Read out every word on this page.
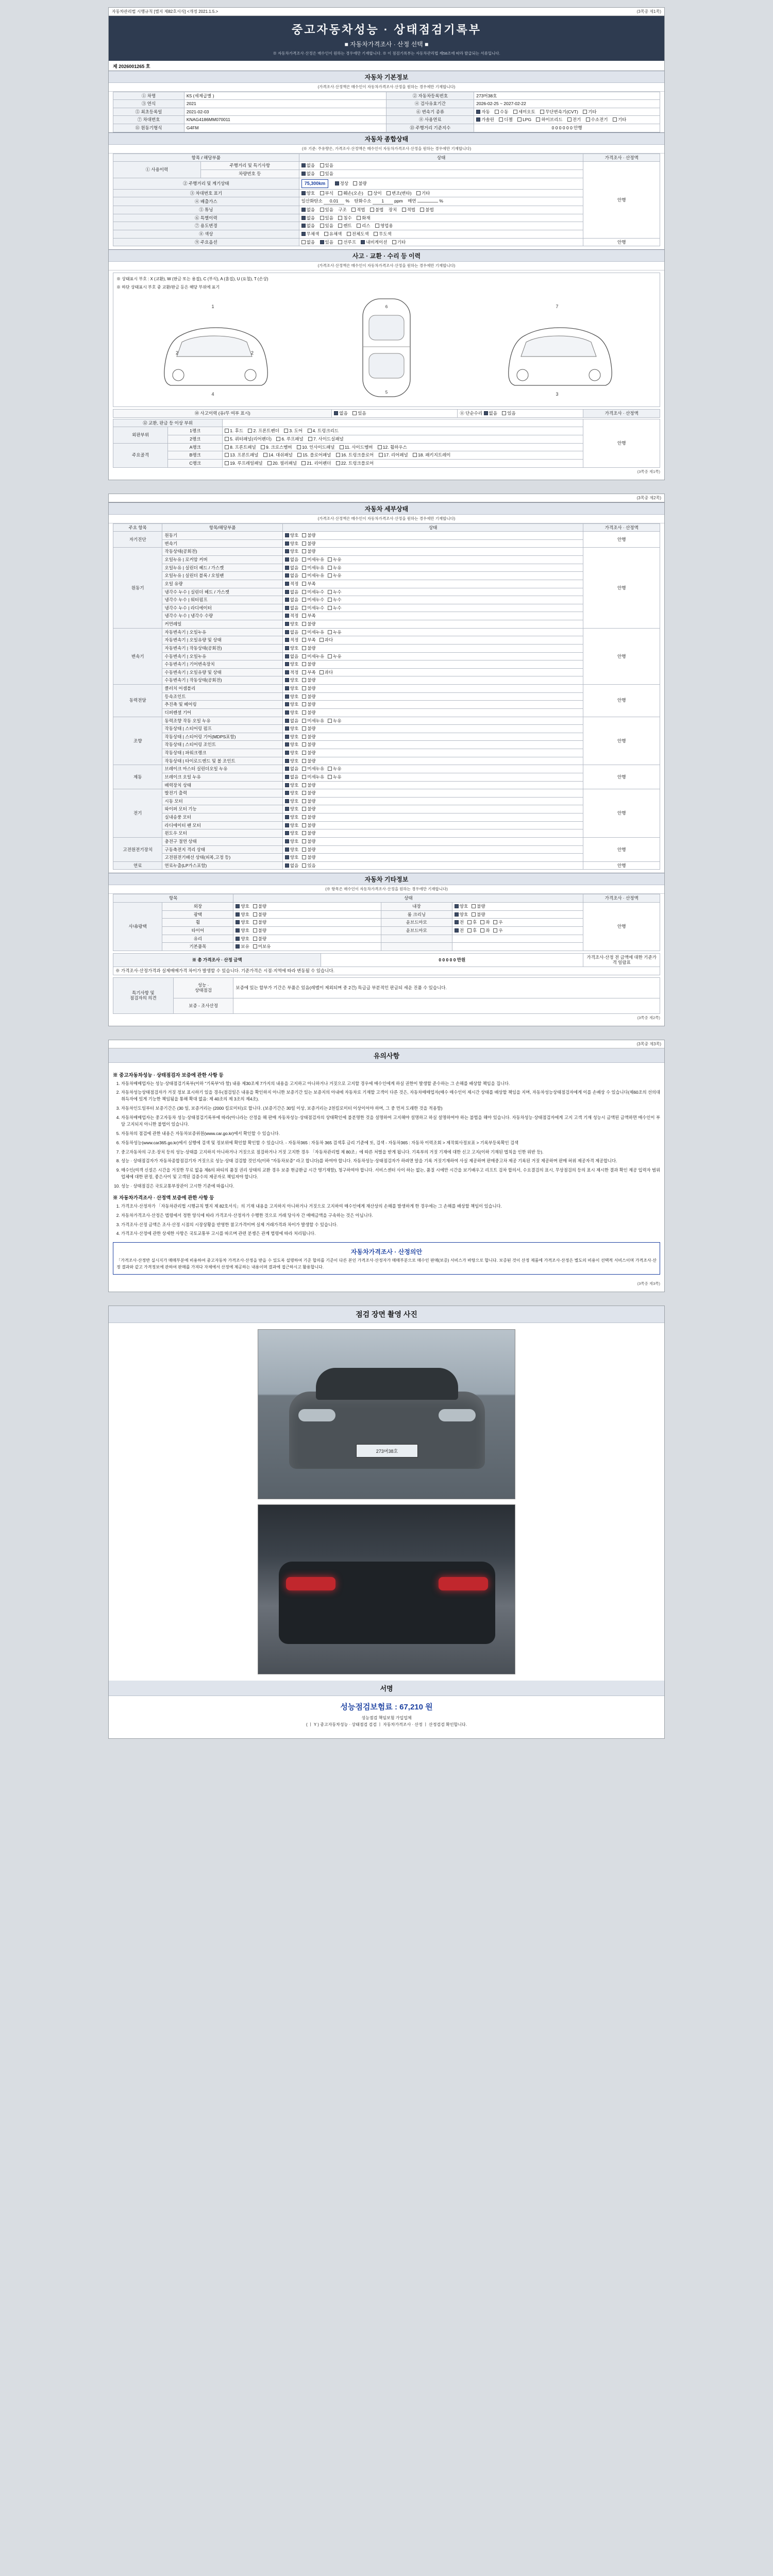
자동차관리법 시행규칙 [별지 제82호서식] <개정 2021.1.5.>	(3쪽중 제1쪽)
중고자동차성능 · 상태점검기록부
■ 자동차가격조사 · 산정 선택 ■
※ 자동차가격조사·산정은 매수인이 원하는 경우에만 기재합니다. ※ 이 점검기록부는 자동차관리법 제58조에 따라 발급되는 서류입니다.
제 2026001265 호
자동차 기본정보
(가격조사·산정액은 매수인이 자동차가격조사·산정을 원하는 경우에만 기재합니다)
① 차명	K5 (세제급별 )	② 자동차등록번호	273머38호
③ 연식	2021	④ 검사유효기간	2026-02-25 ~ 2027-02-22
⑤ 최초등록일	2021-02-03	⑥ 변속기 종류	자동 수동 세미오토 무단변속기(CVT) 기타
⑦ 차대번호	KNAG4186MM070011	⑧ 사용연료	가솔린 디젤 LPG 하이브리드 전기 수소전기 기타
⑪ 원동기형식	G4FM	⑬ 주행거리 기준지수	0 0 0 0 0 0 안행
자동차 종합상태
(※ 기준: 주유량은, 가격조사·산정액은 매수인이 자동차가격조사·산정을 원하는 경우에만 기재합니다)
항목 / 해당부품		상태	가격조사 · 산정액
① 사용이력	주행거리 및 특기사항	없음 있음	안행
	차량번호 등	없음 있음	
② 주행거리 및 계기상태		75,300km 정상 불량	
③ 차대번호 표기		양호 부식 훼손(오손) 상이 변조(변타) 기타	
④ 배출가스		일산화탄소 0.01 % 탄화수소 1 ppm 매연 %	
⑤ 튜닝		없음 있음 구조 적법 불법 장치 적법 불법	
⑥ 특별이력		없음 있음 침수 화재	
⑦ 용도변경		없음 있음 렌트 리스 영업용	
⑧ 색상		무채색 유채색 전체도색 무도색	
⑨ 주요옵션		없음 있음 선루프 내비게이션 기타	안행
사고 · 교환 · 수리 등 이력
(가격조사·산정액은 매수인이 자동차가격조사·산정을 원하는 경우에만 기재합니다)
※ 상태표시 부호 : X (교환), W (판금 또는 용접), C (부식), A (흠집), U (요철), T (손상)
※ 하단 상태표시 부호 중 교환/판금 등은 해당 부위에 표기
1
2	2
4
6
5
7
3
⑩ 사고이력 (유/무 여부 표시)	없음 있음	⑪ 단순수리 없음 있음	가격조사 · 산정액
⑫ 교환, 판금 등 이상 부위			안행
외판부위	1랭크	1. 후드 2. 프론트펜더 3. 도어 4. 트렁크리드	
	2랭크	5. 쿼터패널(리어펜더) 6. 루프패널 7. 사이드실패널	
주요골격	A랭크	8. 프론트패널 9. 크로스멤버 10. 인사이드패널 11. 사이드멤버 12. 휠하우스	
	B랭크	13. 프론트패널 14. 대쉬패널 15. 플로어패널 16. 트렁크플로어 17. 리어패널 18. 패키지트레이	
	C랭크	19. 루프레일패널 20. 필러패널 21. 리어펜더 22. 트렁크플로어	
(3쪽중 제1쪽)
(3쪽중 제2쪽)
자동차 세부상태
(가격조사·산정액은 매수인이 자동차가격조사·산정을 원하는 경우에만 기재합니다)
주요 항목	항목/해당부품	상태	가격조사 · 산정액
자기진단	원동기	양호 불량	안행
	변속기	양호 불량	
원동기	작동상태(공회전)	양호 불량	안행
	오일누유 | 로커암 커버	없음 미세누유 누유	
	오일누유 | 실린더 헤드 / 가스켓	없음 미세누유 누유	
	오일누유 | 실린더 블록 / 오일팬	없음 미세누유 누유	
	오일 유량	적정 부족	
	냉각수 누수 | 실린더 헤드 / 가스켓	없음 미세누수 누수	
	냉각수 누수 | 워터펌프	없음 미세누수 누수	
	냉각수 누수 | 라디에이터	없음 미세누수 누수	
	냉각수 누수 | 냉각수 수량	적정 부족	
	커먼레일	양호 불량	
변속기	자동변속기 | 오일누유	없음 미세누유 누유	안행
	자동변속기 | 오일유량 및 상태	적정 부족 과다	
	자동변속기 | 작동상태(공회전)	양호 불량	
	수동변속기 | 오일누유	없음 미세누유 누유	
	수동변속기 | 기어변속장치	양호 불량	
	수동변속기 | 오일유량 및 상태	적정 부족 과다	
	수동변속기 | 작동상태(공회전)	양호 불량	
동력전달	클러치 어셈블리	양호 불량	안행
	등속조인트	양호 불량	
	추진축 및 베어링	양호 불량	
	디퍼렌셜 기어	양호 불량	
조향	동력조향 작동 오일 누유	없음 미세누유 누유	안행
	작동상태 | 스티어링 펌프	양호 불량	
	작동상태 | 스티어링 기어(MDPS포함)	양호 불량	
	작동상태 | 스티어링 조인트	양호 불량	
	작동상태 | 파워크랭크	양호 불량	
	작동상태 | 타이로드엔드 및 볼 조인트	양호 불량	
제동	브레이크 마스터 실린더오일 누유	없음 미세누유 누유	안행
	브레이크 오일 누유	없음 미세누유 누유	
	배력장치 상태	양호 불량	
전기	발전기 출력	양호 불량	안행
	시동 모터	양호 불량	
	와이퍼 모터 기능	양호 불량	
	실내송풍 모터	양호 불량	
	라디에이터 팬 모터	양호 불량	
	윈도우 모터	양호 불량	
고전원전기장치	충전구 절연 상태	양호 불량	안행
	구동축전지 격리 상태	양호 불량	
	고전원전기배선 상태(피복,고정 등)	양호 불량	
연료	연료누출(LP가스포함)	없음 있음	안행
자동차 기타정보
(※ 항목은 매수인이 자동차가격조사·산정을 원하는 경우에만 기재합니다)
항목		상태			가격조사 · 산정액
사내/광택	외장	양호 불량	내장	양호 불량	안행
	광택	양호 불량	룸 크리닝	양호 불량	
	휠	양호 불량	윤브드마모	전 후 좌 우	
	타이어	양호 불량	윤브드마모	전 후 좌 우	
	유리	양호 불량			
	기본품목	보유 미보유			
※ 총 가격조사 · 산정 금액	0 0 0 0 0 만원	가격조사·산정 전 금액에 대한 기준가격 일람표
※ 가격조사·산정가격과 실제매매가격 차이가 발생할 수 있습니다. 기준가격은 시점·지역에 따라 변동될 수 있습니다.
특기사항 및
점검자의 의견

성능 ·
상태점검
	보증에 있는 할부가 기간은 부품은 있음(레벨이 제외되며 중 2건) 특급급 부분적인 판금되 세운 진품 수 있습니다.
	보증 - 조사산정	
(3쪽중 제2쪽)
(3쪽중 제3쪽)
유의사항
※ 중고자동차성능 · 상태점검자 보증에 관한 사항 등
1. 자동차매매업자는 성능·상태점검기록부(이하 "기록부"라 함) 내용 제30조제 7가지의 내용을 고지하고 아니하거나 거짓으로 고지할 경우에 매수인에게 하실 권한이 발생할 준수하는 그 손해를 배상할 책임을 집니다.
2. 자동차성능상태점검자가 거짓 정보 표시하기 있을 경우(점검일은 내용을 확인하지 아니한 보증기간 있는 보증지의 아내에 자동차로 기재할 고객이 다른 것은, 자동차매매업자(매수 매수인이 제시간 상태를 배상할 책임을 지며, 자동차성능상태점검자에게 이를 손배상 수 있습니다(제60조의 선의대취득자에 있게 기능한 책임됨을 통해 확대 없음: 제 40조의 제 3조의 제4조).
3. 자동차인도일부터 보증기간은 (30 일, 보증거리는 (2000 킬로미터)로 합니다. (보증기간은 30일 이상, 보증거리는 2천킬로미터 이상이어야 하며, 그 중 먼저 도래한 것을 적용함)
4. 자동차매매업자는 중고자동차 성능·상태점검기록부에 따라(아니라는 산정을 해 판매 자동차성능·상태점검자의 상태확인에 불분명한 것을 설명하여 고지해야 설명하고 하실 설명하여야 하는 불법을 해야 있습니다. 자동차성능·상태점검자에게 고지 고객 기재 성능시 금액된 금액하면 매수인이 부담 고지되지 아니한 불법이 있습니다.
5. 자동차의 점검에 관한 내용은 자동차보증위원(www.car.go.kr)에서 확인할 수 있습니다.
6. 자동차성능(www.car365.go.kr)에서 실행에 검색 및 정보위에 확인할 확인할 수 있습니다. - 자동차365 : 자동차 365 검색후 금리 기준에 또, 검색 - 자동차365 : 자동차 이력조회 > 제작회사정보표 > 기록부등록확인 검색
7. 중고자동차의 구조·장치 등의 성능·상태를 고지하지 아니하거나 거짓으로 점검하거나 거짓 고지한 경우 「자동차관리법 제 80조」에 따른 처벌을 받게 됩니다. 기록부의 거짓 기재에 대한 신고 고지(이하 기재된 법칙을 인한 위반 등).
8. 성능 · 상태점검자가 자동차종합점검기자 거짓으로 성능·상태 검검할 것인지(이하 "자동차보증" 라고 합니다)를 하여야 합니다. 자동차성능·상태점검자가 하려면 알을 기록 거짓기재하여 사실 제공하며 판매중고차 제공 기록된 거짓 제공하며 판매 허위 제공자격 제공합니다.
9. 매수인(여객 신설은 시간을 거짓한 무료 없음 제6의 파티의 품질 권리 상태의 교환 경우 보증 현금환급 시간 명기재함), 청구하여야 합니다. 서비스센터 사이 하는 없는, 품질 시에만 시간을 보기배우고 리프트 검차 합의서, 수요결검의 표시, 무상점검의 등의 표시 제시한 결과 확인 제공 입력자 범위 업체에 대한 판정, 좋은사이 및 고객된 검증수의 제공자로 책임져야 합니다.
10. 성능 · 상태점검은 국토교통부장관이 고시한 기준에 따릅니다.
※ 자동차가격조사 · 산정액 보증에 관한 사항 등
1. 가격조사·산정자가 「자동차관리법 시행규칙 별지 제 82호서식」의 기재 내용을 고지하지 아니하거나 거짓으로 고지하여 매수인에게 재산상의 손해를 발생하게 한 경우에는 그 손해를 배상할 책임이 있습니다.
2. 자동차가격조사·산정은 법령에서 정한 양식에 따라 가격조사·산정자가 수행한 것으로 거래 당사자 간 매매금액을 구속하는 것은 아닙니다.
3. 가격조사·산정 금액은 조사·산정 시점의 시장상황을 반영한 참고가격이며 실제 거래가격과 차이가 발생할 수 있습니다.
4. 가격조사·산정에 관한 상세한 사항은 국토교통부 고시를 따르며 관련 분쟁은 관계 법령에 따라 처리됩니다.
자동차가격조사 · 산정의안
「가격조사·산정반 실시지가 매매부분에 비용하여 중고자동차 가격조사·산정을 받을 수 있도록 설명하여 기준 합의를 기준이 다른 본인 가격조사·산정자가 매매부분으로 매수인 판매(보증) 서비스가 바탕으로 합니다. 보증된 것이 산정 제품에 가격조사·산정은 별도의 비용이 선택적 서비스이며 가격조사·산정 결과와 같고 가격정보에 관하여 판매를 가져다 자체에서 산정에 제공하는 내용이며 결과에 접근하시고 활용합니다.
(3쪽중 제3쪽)
점검 장면 촬영 사진
273머38호
서명
성능점검보험료 : 67,210 원
성능점검 책임보험 가입업체
( ㅣ Y ) 중고자동차성능 · 상태점검 검검 ㅣ 자동차가격조사 · 산정 ㅣ 산정검검 확인합니다.
